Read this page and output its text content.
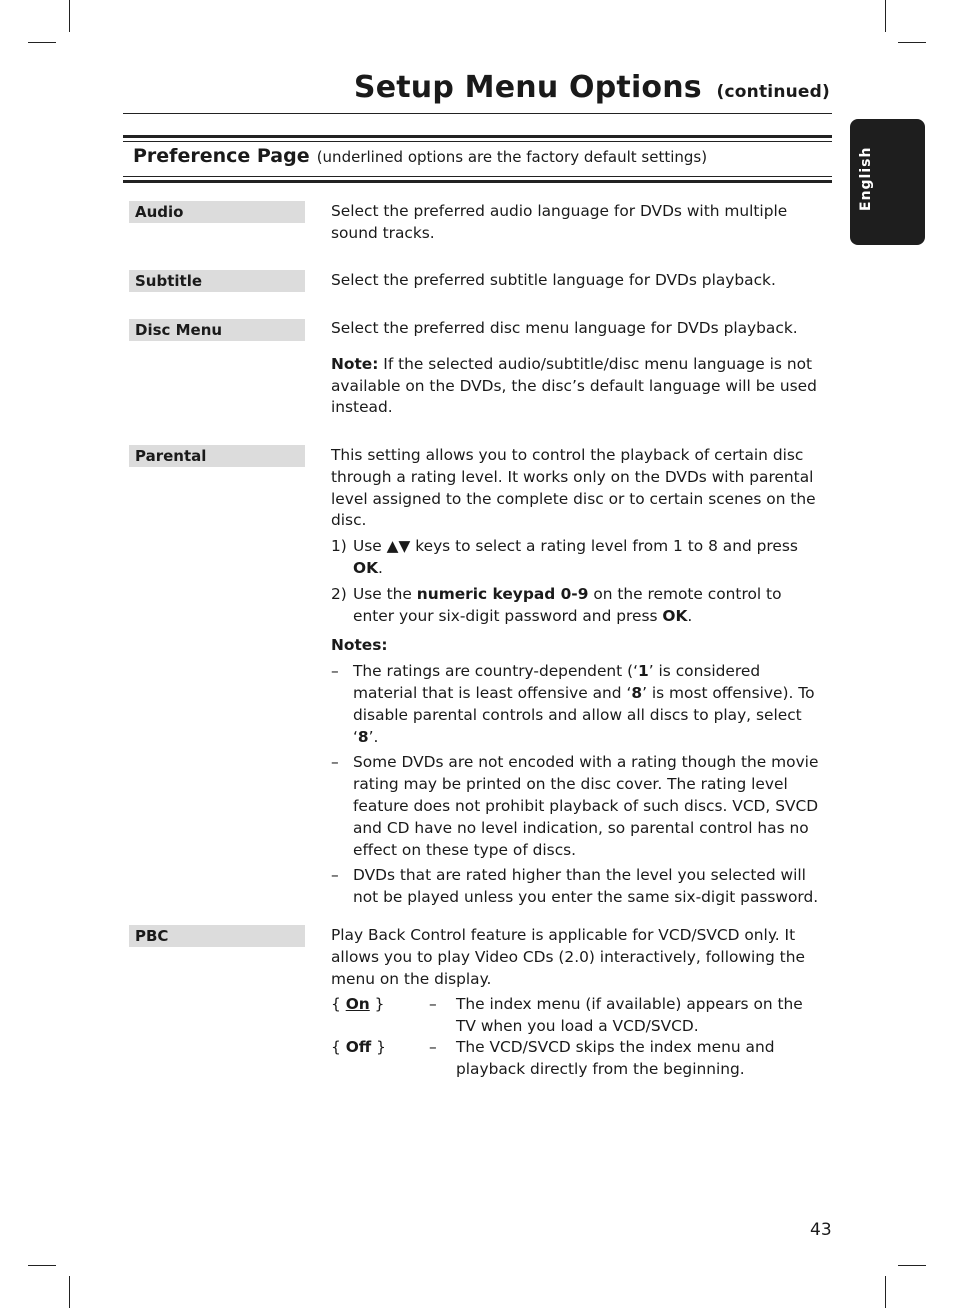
Setup Menu Options (continued)
English
Preference Page (underlined options are the factory default settings)
Audio	Select the preferred audio language for DVDs with multiple sound tracks.

Subtitle	Select the preferred subtitle language for DVDs playback.

Disc Menu	Select the preferred disc menu language for DVDs playback.

Note: If the selected audio/subtitle/disc menu language is not available on the DVDs, the disc’s default language will be used instead.

Parental	This setting allows you to control the playback of certain disc through a rating level. It works only on the DVDs with parental level assigned to the complete disc or to certain scenes on the disc.

1) Use ▲▼ keys to select a rating level from 1 to 8 and press OK.
2) Use the numeric keypad 0-9 on the remote control to enter your six-digit password and press OK.

Notes:

– The ratings are country-dependent (‘1’ is considered material that is least offensive and ‘8’ is most offensive). To disable parental controls and allow all discs to play, select ‘8’.
– Some DVDs are not encoded with a rating though the movie rating may be printed on the disc cover. The rating level feature does not prohibit playback of such discs. VCD, SVCD and CD have no level indication, so parental control has no effect on these type of discs.
– DVDs that are rated higher than the level you selected will not be played unless you enter the same six-digit password.
PBC	Play Back Control feature is applicable for VCD/SVCD only. It allows you to play Video CDs (2.0) interactively, following the menu on the display.

{ On }	– The index menu (if available) appears on the TV when you load a VCD/SVCD.
{ Off }	– The VCD/SVCD skips the index menu and playback directly from the beginning.
43
